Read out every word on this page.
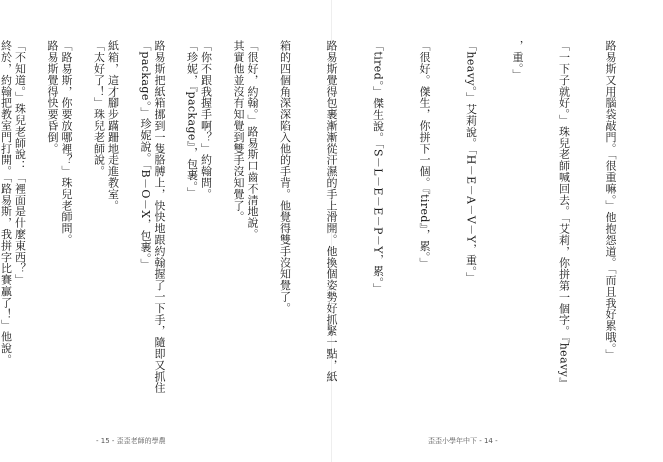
「很好，約翰。」路易斯口齒不清地說。

「你不跟我握手啊？」約翰問。

路易斯把紙箱挪到一隻胳膊上，快快地跟約翰握了一下手，隨即又抓住

紙箱，這才腳步蹣跚地走進教室。

「路易斯，你要放哪裡？」珠兒老師問。

「不知道。」珠兒老師說：「裡面是什麼東西？」

- 15 - 歪歪老師的學農

路易斯又用腦袋敲門。「很重嘛。」他抱怨道。「而且我好累哦。」

「一下子就好。」珠兒老師喊回去。「艾莉，你拼第一個字。『heavy』

，重。」

「heavy。」艾莉說。「H－E－A－V－Y，重。」

「很好。傑生，你拼下一個。『tired』，累。」

「tired。」傑生說。「S－L－E－E－P－Y，累。」

路易斯覺得包裹漸漸從汗濕的手上滑開。他換個姿勢好抓緊一點，紙

箱的四個角深深陷入他的手背。他覺得雙手沒知覺了。

其實他並沒有知覺到雙手沒知覺了。

「珍妮，『package』，包裹。」

「package。」珍妮說。「B－O－X，包裹。」

「太好了！」珠兒老師說。

路易斯覺得快要昏倒。

終於，約翰把教室門打開。「路易斯，我拼字比賽贏了！」他說。

歪歪小學年中下 - 14 -
